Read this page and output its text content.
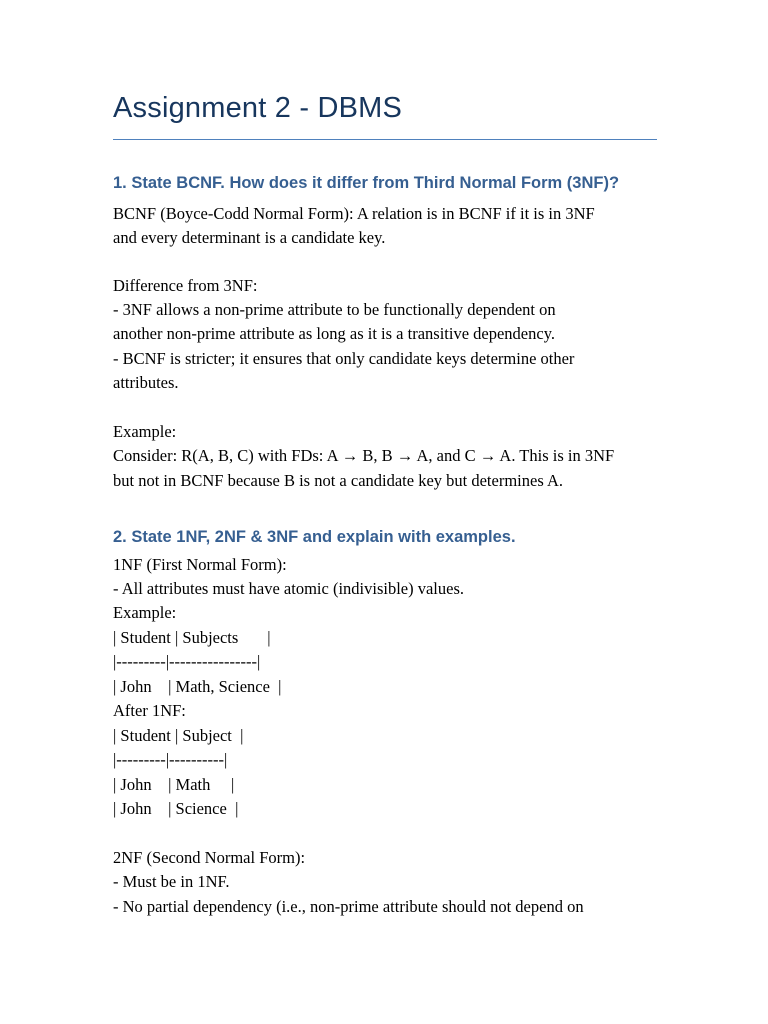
Assignment 2 - DBMS
1. State BCNF. How does it differ from Third Normal Form (3NF)?
BCNF (Boyce-Codd Normal Form): A relation is in BCNF if it is in 3NF
and every determinant is a candidate key.
Difference from 3NF:
- 3NF allows a non-prime attribute to be functionally dependent on
another non-prime attribute as long as it is a transitive dependency.
- BCNF is stricter; it ensures that only candidate keys determine other
attributes.
Example:
Consider: R(A, B, C) with FDs: A → B, B → A, and C → A. This is in 3NF
but not in BCNF because B is not a candidate key but determines A.
2. State 1NF, 2NF & 3NF and explain with examples.
1NF (First Normal Form):
- All attributes must have atomic (indivisible) values.
Example:
| Student | Subjects       |
|---------|----------------|
| John    | Math, Science  |
After 1NF:
| Student | Subject  |
|---------|----------|
| John    | Math     |
| John    | Science  |
2NF (Second Normal Form):
- Must be in 1NF.
- No partial dependency (i.e., non-prime attribute should not depend on
